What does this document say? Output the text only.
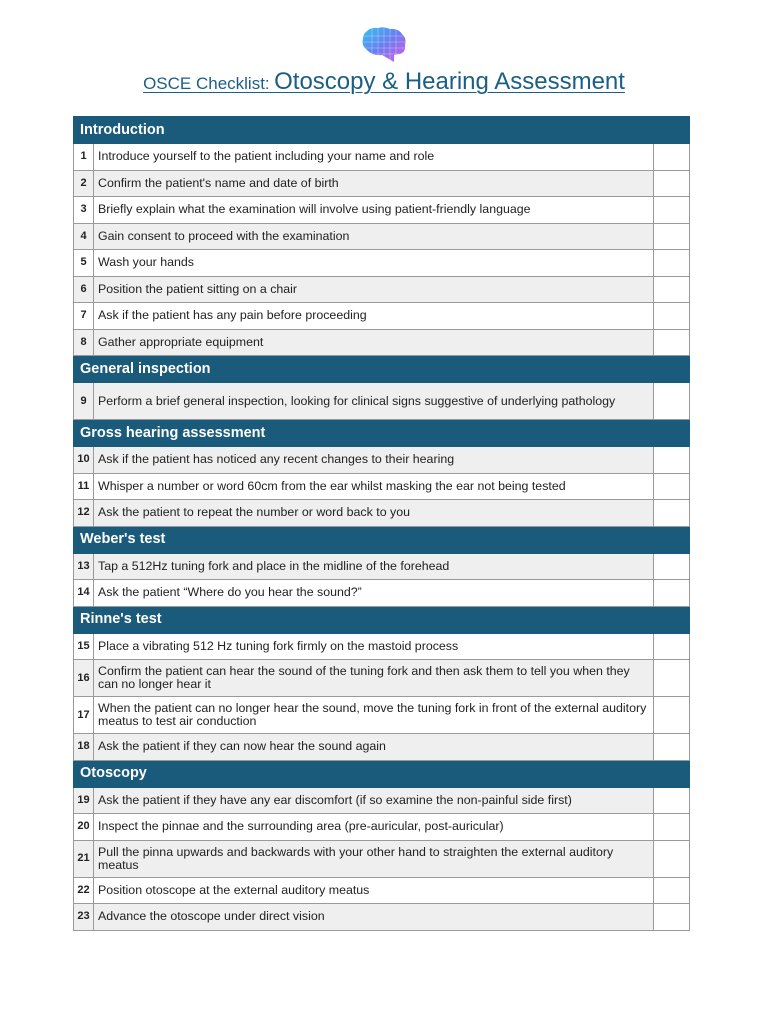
OSCE Checklist: Otoscopy & Hearing Assessment
Introduction		
1	Introduce yourself to the patient including your name and role	
2	Confirm the patient's name and date of birth	
3	Briefly explain what the examination will involve using patient-friendly language	
4	Gain consent to proceed with the examination	
5	Wash your hands	
6	Position the patient sitting on a chair	
7	Ask if the patient has any pain before proceeding	
8	Gather appropriate equipment	
General inspection		
9	Perform a brief general inspection, looking for clinical signs suggestive of underlying pathology	
Gross hearing assessment		
10	Ask if the patient has noticed any recent changes to their hearing	
11	Whisper a number or word 60cm from the ear whilst masking the ear not being tested	
12	Ask the patient to repeat the number or word back to you	
Weber's test		
13	Tap a 512Hz tuning fork and place in the midline of the forehead	
14	Ask the patient “Where do you hear the sound?”	
Rinne's test		
15	Place a vibrating 512 Hz tuning fork firmly on the mastoid process	
16	Confirm the patient can hear the sound of the tuning fork and then ask them to tell you when they can no longer hear it	
17	When the patient can no longer hear the sound, move the tuning fork in front of the external auditory meatus to test air conduction	
18	Ask the patient if they can now hear the sound again	
Otoscopy		
19	Ask the patient if they have any ear discomfort (if so examine the non-painful side first)	
20	Inspect the pinnae and the surrounding area (pre-auricular, post-auricular)	
21	Pull the pinna upwards and backwards with your other hand to straighten the external auditory meatus	
22	Position otoscope at the external auditory meatus	
23	Advance the otoscope under direct vision	
